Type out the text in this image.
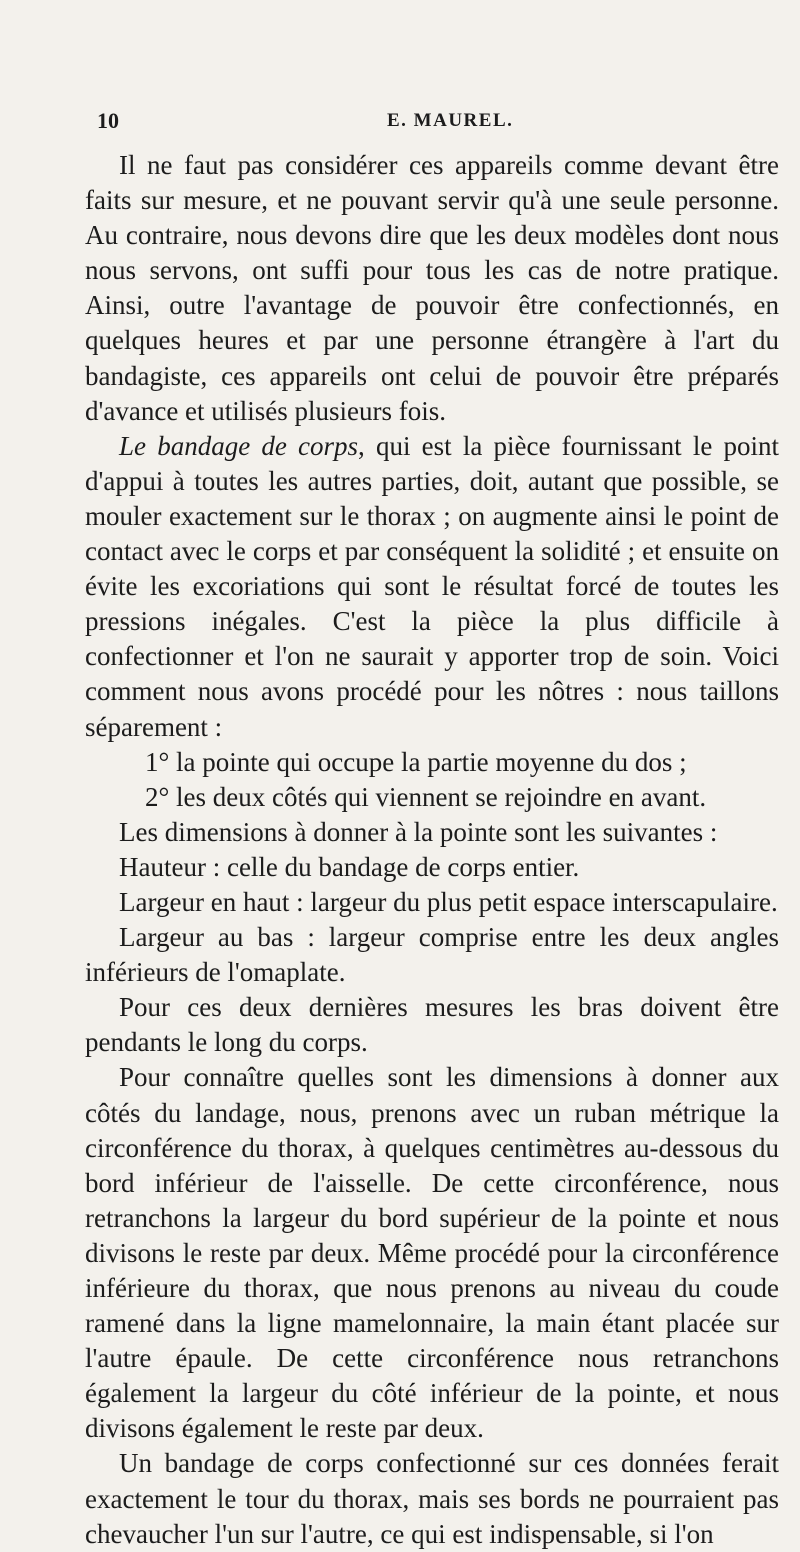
10	E. MAUREL.

Il ne faut pas considérer ces appareils comme devant être faits sur mesure, et ne pouvant servir qu'à une seule personne. Au contraire, nous devons dire que les deux modèles dont nous nous servons, ont suffi pour tous les cas de notre pratique. Ainsi, outre l'avantage de pouvoir être confectionnés, en quelques heures et par une personne étrangère à l'art du bandagiste, ces appareils ont celui de pouvoir être préparés d'avance et utilisés plusieurs fois.

Le bandage de corps, qui est la pièce fournissant le point d'appui à toutes les autres parties, doit, autant que possible, se mouler exactement sur le thorax ; on augmente ainsi le point de contact avec le corps et par conséquent la solidité ; et ensuite on évite les excoriations qui sont le résultat forcé de toutes les pressions inégales. C'est la pièce la plus difficile à confectionner et l'on ne saurait y apporter trop de soin. Voici comment nous avons procédé pour les nôtres : nous taillons séparement :

1° la pointe qui occupe la partie moyenne du dos ;

2° les deux côtés qui viennent se rejoindre en avant.

Les dimensions à donner à la pointe sont les suivantes :

Hauteur : celle du bandage de corps entier.

Largeur en haut : largeur du plus petit espace interscapulaire.

Largeur au bas : largeur comprise entre les deux angles inférieurs de l'omaplate.

Pour ces deux dernières mesures les bras doivent être pendants le long du corps.

Pour connaître quelles sont les dimensions à donner aux côtés du landage, nous, prenons avec un ruban métrique la circonférence du thorax, à quelques centimètres au-dessous du bord inférieur de l'aisselle. De cette circonférence, nous retranchons la largeur du bord supérieur de la pointe et nous divisons le reste par deux. Même procédé pour la circonférence inférieure du thorax, que nous prenons au niveau du coude ramené dans la ligne mamelonnaire, la main étant placée sur l'autre épaule. De cette circonférence nous retranchons également la largeur du côté inférieur de la pointe, et nous divisons également le reste par deux.

Un bandage de corps confectionné sur ces données ferait exactement le tour du thorax, mais ses bords ne pourraient pas chevaucher l'un sur l'autre, ce qui est indispensable, si l'on
